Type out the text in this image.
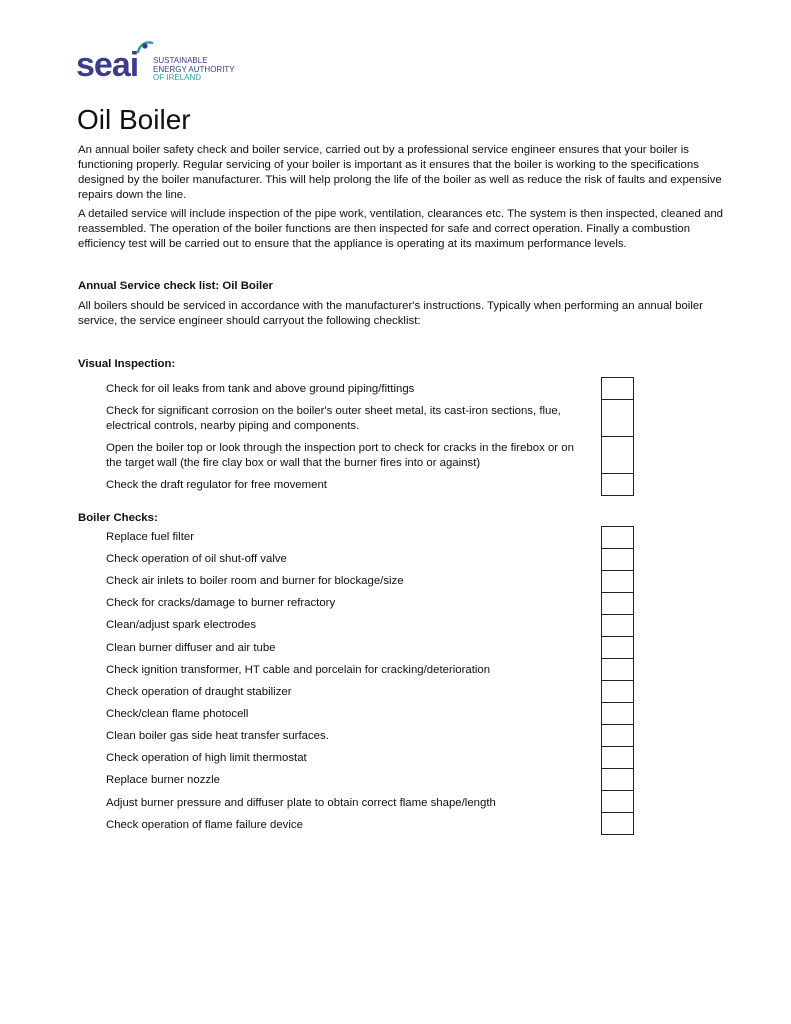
seai SUSTAINABLE
ENERGY AUTHORITY
OF IRELAND
Oil Boiler

An annual boiler safety check and boiler service, carried out by a professional service engineer ensures that your boiler is functioning properly. Regular servicing of your boiler is important as it ensures that the boiler is working to the specifications designed by the boiler manufacturer. This will help prolong the life of the boiler as well as reduce the risk of faults and expensive repairs down the line.

A detailed service will include inspection of the pipe work, ventilation, clearances etc. The system is then inspected, cleaned and reassembled. The operation of the boiler functions are then inspected for safe and correct operation. Finally a combustion efficiency test will be carried out to ensure that the appliance is operating at its maximum performance levels.

Annual Service check list: Oil Boiler

All boilers should be serviced in accordance with the manufacturer's instructions. Typically when performing an annual boiler service, the service engineer should carryout the following checklist:

Visual Inspection:

Check for oil leaks from tank and above ground piping/fittings

Check for significant corrosion on the boiler's outer sheet metal, its cast-iron sections, flue, electrical controls, nearby piping and components.

Open the boiler top or look through the inspection port to check for cracks in the firebox or on the target wall (the fire clay box or wall that the burner fires into or against)

Check the draft regulator for free movement

Boiler Checks:

Replace fuel filter

Check operation of oil shut-off valve

Check air inlets to boiler room and burner for blockage/size

Check for cracks/damage to burner refractory

Clean/adjust spark electrodes

Clean burner diffuser and air tube

Check ignition transformer, HT cable and porcelain for cracking/deterioration

Check operation of draught stabilizer

Check/clean flame photocell

Clean boiler gas side heat transfer surfaces.

Check operation of high limit thermostat

Replace burner nozzle

Adjust burner pressure and diffuser plate to obtain correct flame shape/length

Check operation of flame failure device
